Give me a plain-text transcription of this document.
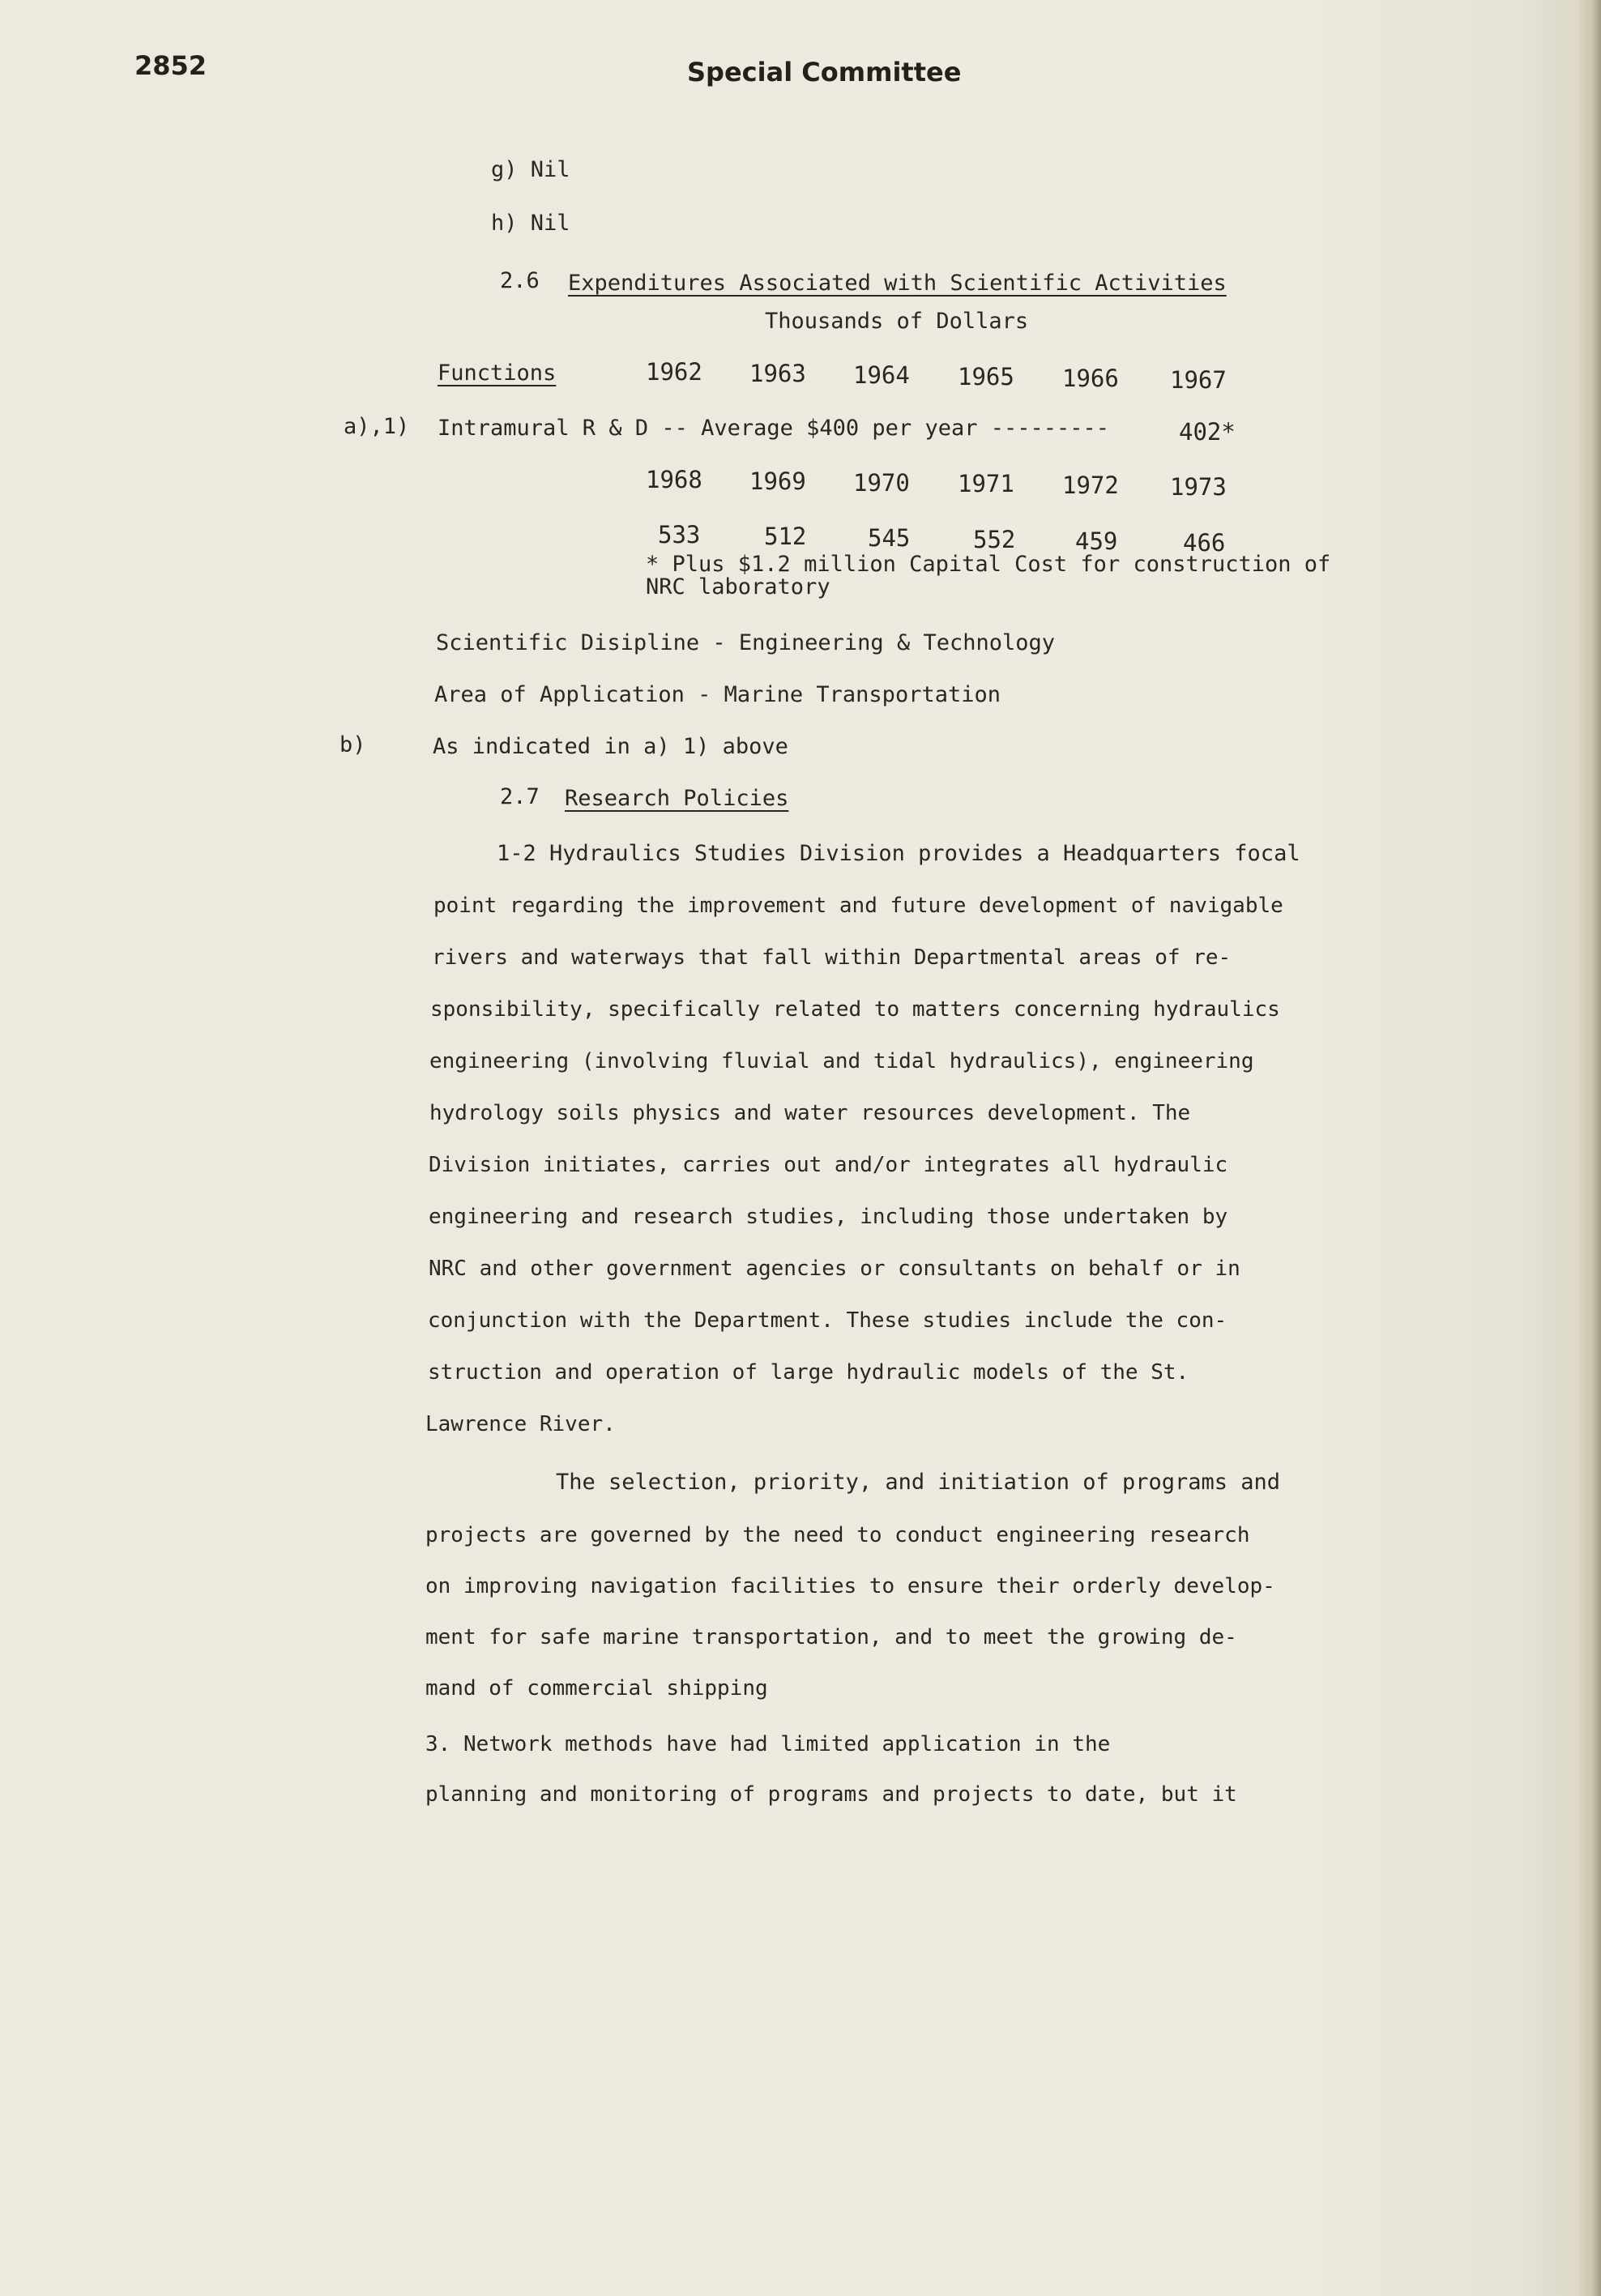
2852	Special Committee
g) Nil
h) Nil
2.6 Expenditures Associated with Scientific Activities
Thousands of Dollars
Functions	1962 1963 1964 1965 1966 1967
a),1) Intramural R & D -- Average $400 per year ---------	402*
1968 1969 1970 1971 1972 1973
533	512	545	552	459	466
* Plus $1.2 million Capital Cost for construction of
NRC laboratory
Scientific Disipline - Engineering & Technology
Area of Application - Marine Transportation
b)	As indicated in a) 1) above
2.7 Research Policies
1-2 Hydraulics Studies Division provides a Headquarters focal
point regarding the improvement and future development of navigable
rivers and waterways that fall within Departmental areas of re-
sponsibility, specifically related to matters concerning hydraulics
engineering (involving fluvial and tidal hydraulics), engineering
hydrology soils physics and water resources development. The
Division initiates, carries out and/or integrates all hydraulic
engineering and research studies, including those undertaken by
NRC and other government agencies or consultants on behalf or in
conjunction with the Department. These studies include the con-
struction and operation of large hydraulic models of the St.
Lawrence River.
The selection, priority, and initiation of programs and
projects are governed by the need to conduct engineering research
on improving navigation facilities to ensure their orderly develop-
ment for safe marine transportation, and to meet the growing de-
mand of commercial shipping
3. Network methods have had limited application in the
planning and monitoring of programs and projects to date, but it
